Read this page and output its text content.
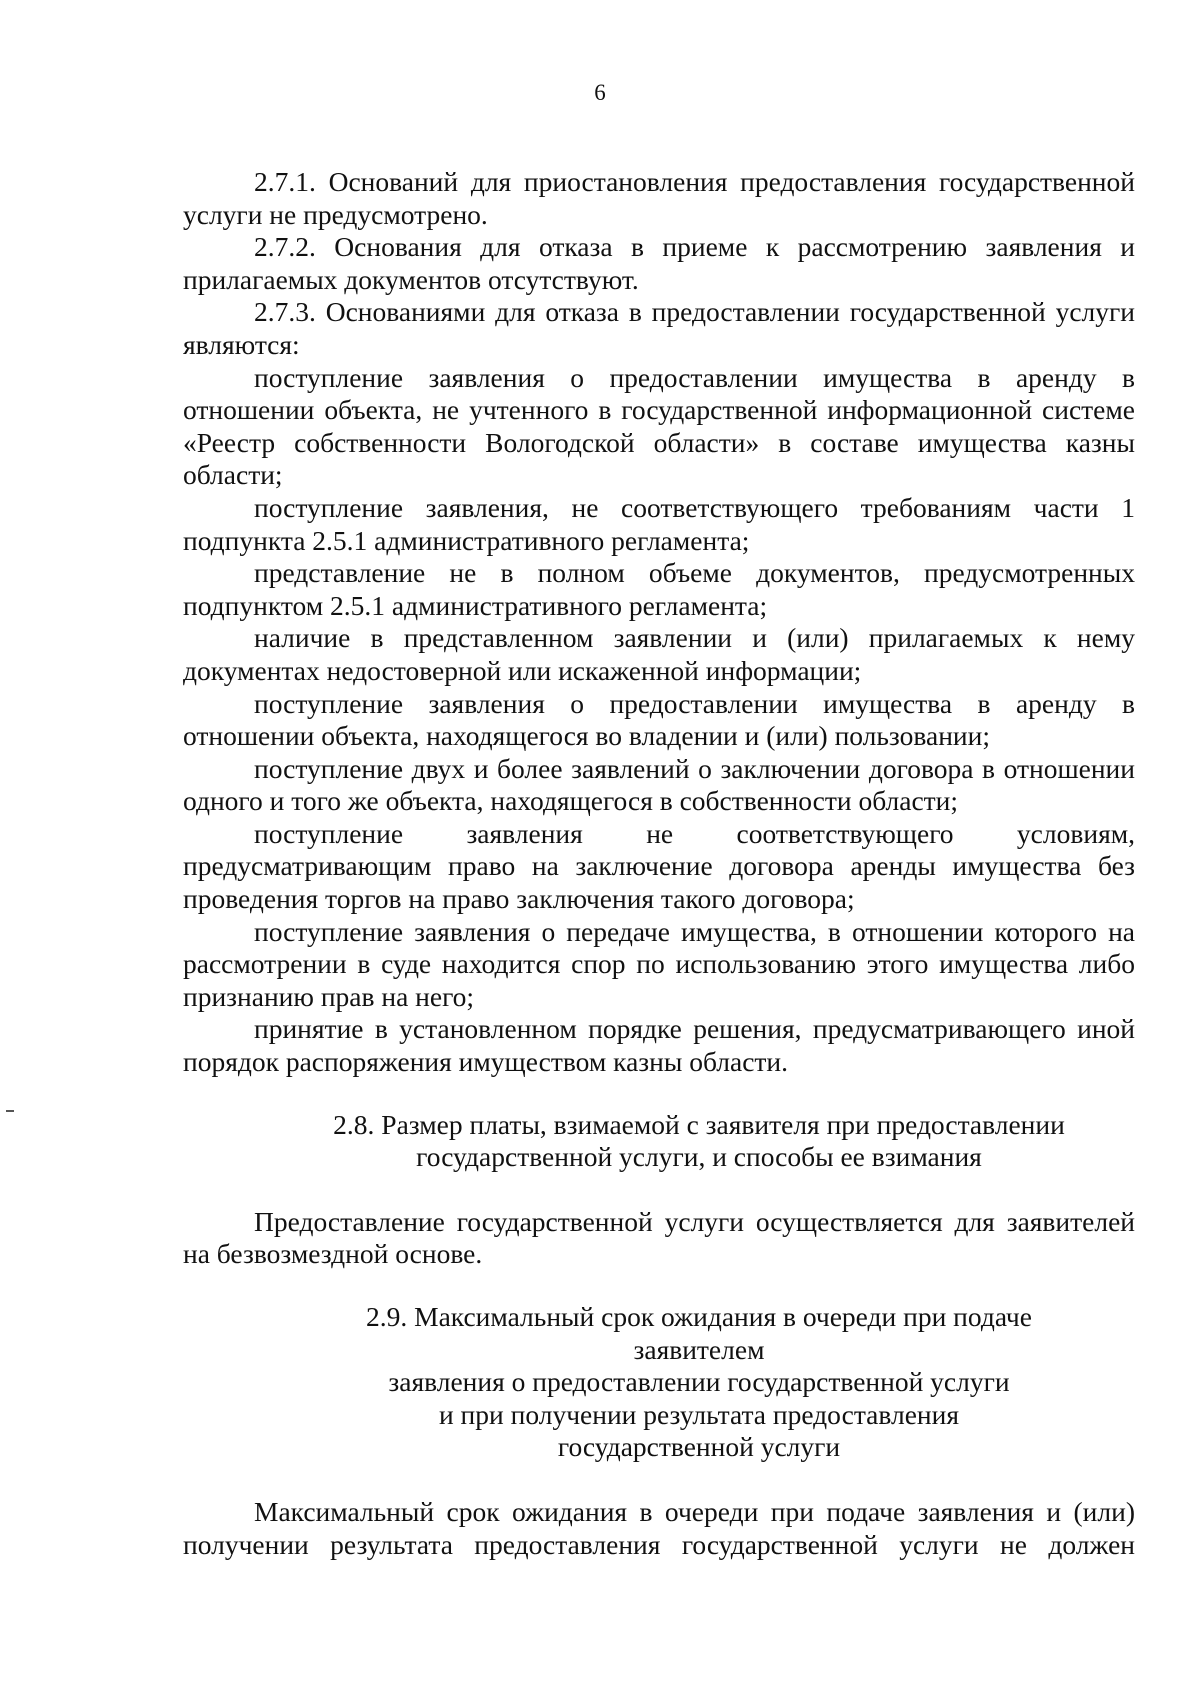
6

2.7.1. Оснований для приостановления предоставления государственной услуги не предусмотрено.

2.7.2. Основания для отказа в приеме к рассмотрению заявления и прилагаемых документов отсутствуют.

2.7.3. Основаниями для отказа в предоставлении государственной услуги являются:

поступление заявления о предоставлении имущества в аренду в отношении объекта, не учтенного в государственной информационной системе «Реестр собственности Вологодской области» в составе имущества казны области;

поступление заявления, не соответствующего требованиям части 1 подпункта 2.5.1 административного регламента;

представление не в полном объеме документов, предусмотренных подпунктом 2.5.1 административного регламента;

наличие в представленном заявлении и (или) прилагаемых к нему документах недостоверной или искаженной информации;

поступление заявления о предоставлении имущества в аренду в отношении объекта, находящегося во владении и (или) пользовании;

поступление двух и более заявлений о заключении договора в отношении одного и того же объекта, находящегося в собственности области;

поступление заявления не соответствующего условиям, предусматривающим право на заключение договора аренды имущества без проведения торгов на право заключения такого договора;

поступление заявления о передаче имущества, в отношении которого на рассмотрении в суде находится спор по использованию этого имущества либо признанию прав на него;

принятие в установленном порядке решения, предусматривающего иной порядок распоряжения имуществом казны области.

2.8. Размер платы, взимаемой с заявителя при предоставлении
государственной услуги, и способы ее взимания

Предоставление государственной услуги осуществляется для заявителей на безвозмездной основе.

2.9. Максимальный срок ожидания в очереди при подаче заявителем
заявления о предоставлении государственной услуги
и при получении результата предоставления
государственной услуги

Максимальный срок ожидания в очереди при подаче заявления и (или) получении результата предоставления государственной услуги не должен
